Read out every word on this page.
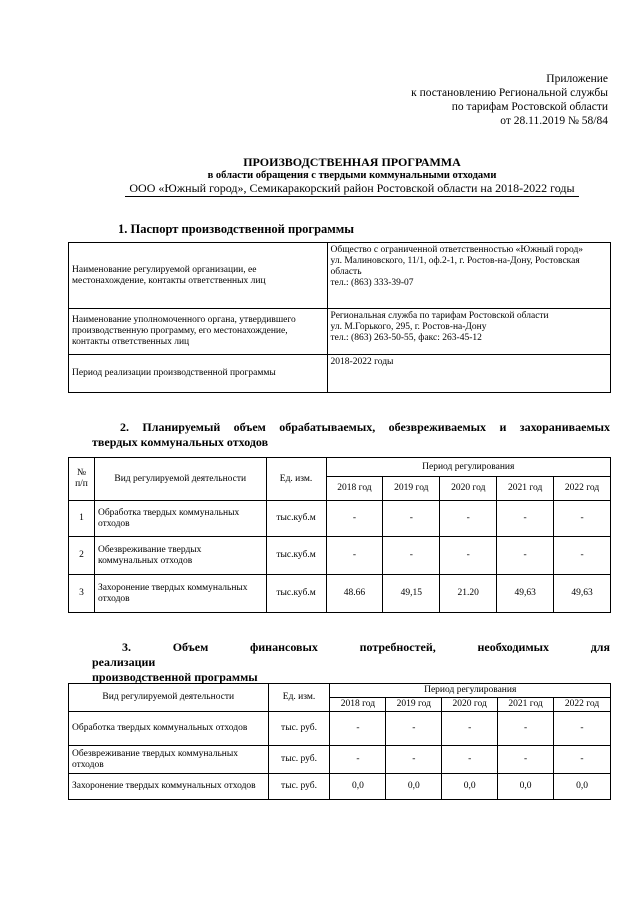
Приложение
к постановлению Региональной службы
по тарифам Ростовской области
от 28.11.2019 № 58/84
ПРОИЗВОДСТВЕННАЯ ПРОГРАММА
в области обращения с твердыми коммунальными отходами
ООО «Южный город», Семикаракорский район Ростовской области на 2018-2022 годы
1. Паспорт производственной программы
Наименование регулируемой организации, ее местонахождение, контакты ответственных лиц	Общество с ограниченной ответственностью «Южный город»
ул. Малиновского, 11/1, оф.2-1, г. Ростов-на-Дону, Ростовская область
тел.: (863) 333-39-07

Наименование уполномоченного органа, утвердившего производственную программу, его местонахождение, контакты ответственных лиц	Региональная служба по тарифам Ростовской области
ул. М.Горького, 295, г. Ростов-на-Дону
тел.: (863) 263-50-55, факс: 263-45-12

Период реализации производственной программы	2018-2022 годы
2. Планируемый объем обрабатываемых, обезвреживаемых и захораниваемых
твердых коммунальных отходов
№ п/п	Вид регулируемой деятельности	Ед. изм.	Период регулирования				
			2018 год	2019 год	2020 год	2021 год	2022 год
1	Обработка твердых коммунальных отходов	тыс.куб.м	-	-	-	-	-
2	Обезвреживание твердых коммунальных отходов	тыс.куб.м	-	-	-	-	-
3	Захоронение твердых коммунальных отходов	тыс.куб.м	48.66	49,15	21.20	49,63	49,63
3. Объем финансовых потребностей, необходимых для реализации
производственной программы
Вид регулируемой деятельности	Ед. изм.	Период регулирования				
		2018 год	2019 год	2020 год	2021 год	2022 год
Обработка твердых коммунальных отходов	тыс. руб.	-	-	-	-	-
Обезвреживание твердых коммунальных отходов	тыс. руб.	-	-	-	-	-
Захоронение твердых коммунальных отходов	тыс. руб.	0,0	0,0	0,0	0,0	0,0
